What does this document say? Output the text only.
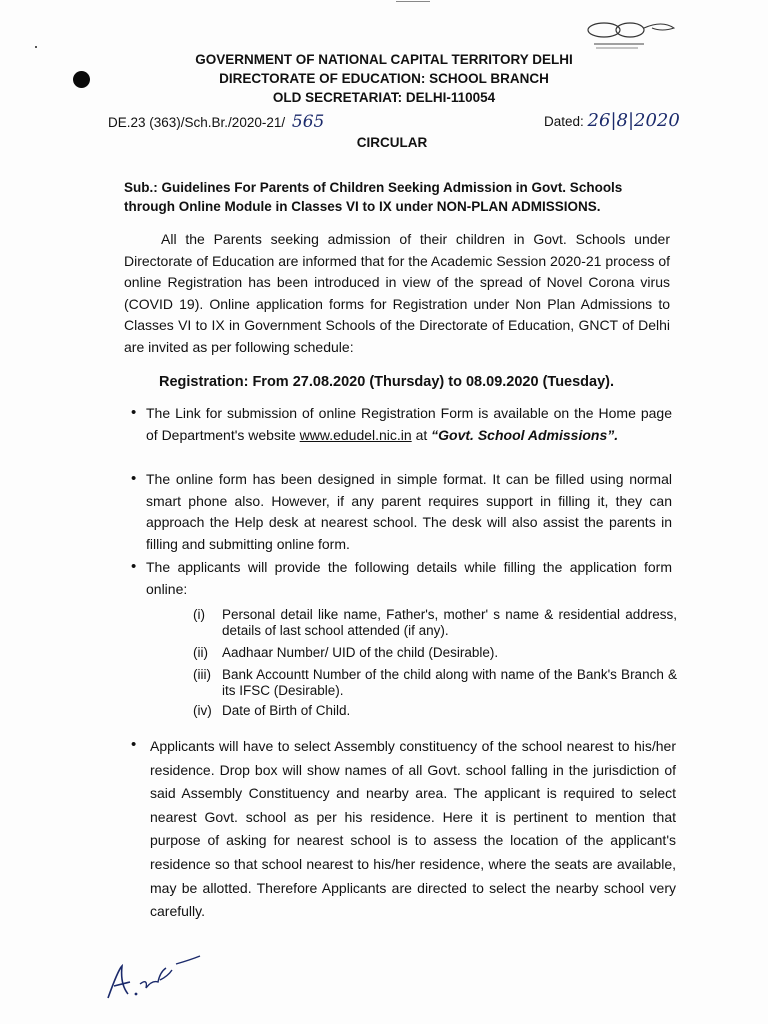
GOVERNMENT OF NATIONAL CAPITAL TERRITORY DELHI
DIRECTORATE OF EDUCATION: SCHOOL BRANCH
OLD SECRETARIAT: DELHI-110054
DE.23 (363)/Sch.Br./2020-21/ 565	Dated: 26|8|2020
CIRCULAR
Sub.: Guidelines For Parents of Children Seeking Admission in Govt. Schools
through Online Module in Classes VI to IX under NON-PLAN ADMISSIONS.
All the Parents seeking admission of their children in Govt. Schools under Directorate of Education are informed that for the Academic Session 2020-21 process of online Registration has been introduced in view of the spread of Novel Corona virus (COVID 19). Online application forms for Registration under Non Plan Admissions to Classes VI to IX in Government Schools of the Directorate of Education, GNCT of Delhi are invited as per following schedule:
Registration: From 27.08.2020 (Thursday) to 08.09.2020 (Tuesday).
• The Link for submission of online Registration Form is available on the Home page of Department's website www.edudel.nic.in at “Govt. School Admissions”.
• The online form has been designed in simple format. It can be filled using normal smart phone also. However, if any parent requires support in filling it, they can approach the Help desk at nearest school. The desk will also assist the parents in filling and submitting online form.
• The applicants will provide the following details while filling the application form online:
(i) Personal detail like name, Father's, mother' s name & residential address, details of last school attended (if any).
(ii) Aadhaar Number/ UID of the child (Desirable).
(iii) Bank Accountt Number of the child along with name of the Bank's Branch & its IFSC (Desirable).
(iv) Date of Birth of Child.
• Applicants will have to select Assembly constituency of the school nearest to his/her residence. Drop box will show names of all Govt. school falling in the jurisdiction of said Assembly Constituency and nearby area. The applicant is required to select nearest Govt. school as per his residence. Here it is pertinent to mention that purpose of asking for nearest school is to assess the location of the applicant's residence so that school nearest to his/her residence, where the seats are available, may be allotted. Therefore Applicants are directed to select the nearby school very carefully.
